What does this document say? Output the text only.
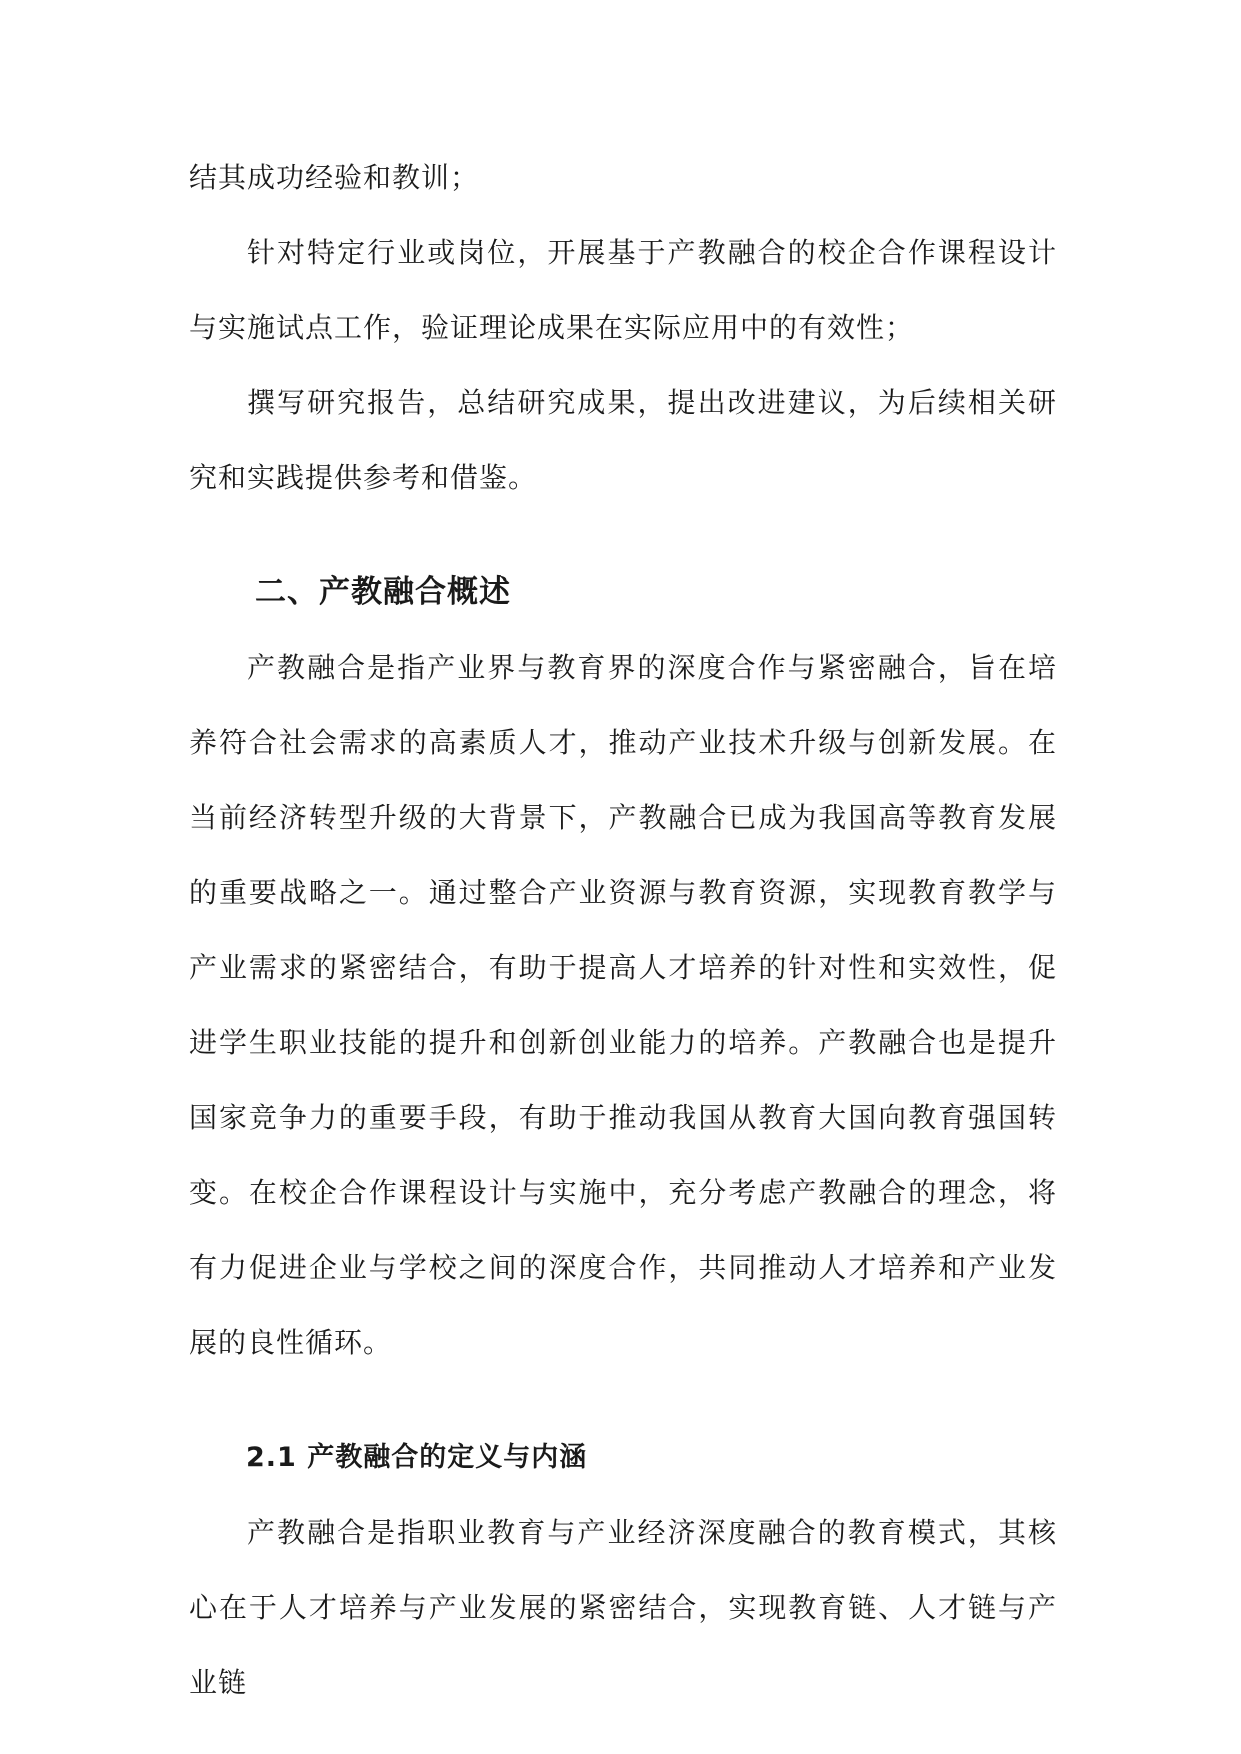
结其成功经验和教训；

针对特定行业或岗位，开展基于产教融合的校企合作课程设计与实施试点工作，验证理论成果在实际应用中的有效性；

撰写研究报告，总结研究成果，提出改进建议，为后续相关研究和实践提供参考和借鉴。

二、产教融合概述

产教融合是指产业界与教育界的深度合作与紧密融合，旨在培养符合社会需求的高素质人才，推动产业技术升级与创新发展。在当前经济转型升级的大背景下，产教融合已成为我国高等教育发展的重要战略之一。通过整合产业资源与教育资源，实现教育教学与产业需求的紧密结合，有助于提高人才培养的针对性和实效性，促进学生职业技能的提升和创新创业能力的培养。产教融合也是提升国家竞争力的重要手段，有助于推动我国从教育大国向教育强国转变。在校企合作课程设计与实施中，充分考虑产教融合的理念，将有力促进企业与学校之间的深度合作，共同推动人才培养和产业发展的良性循环。

2.1 产教融合的定义与内涵

产教融合是指职业教育与产业经济深度融合的教育模式，其核心在于人才培养与产业发展的紧密结合，实现教育链、人才链与产业链
